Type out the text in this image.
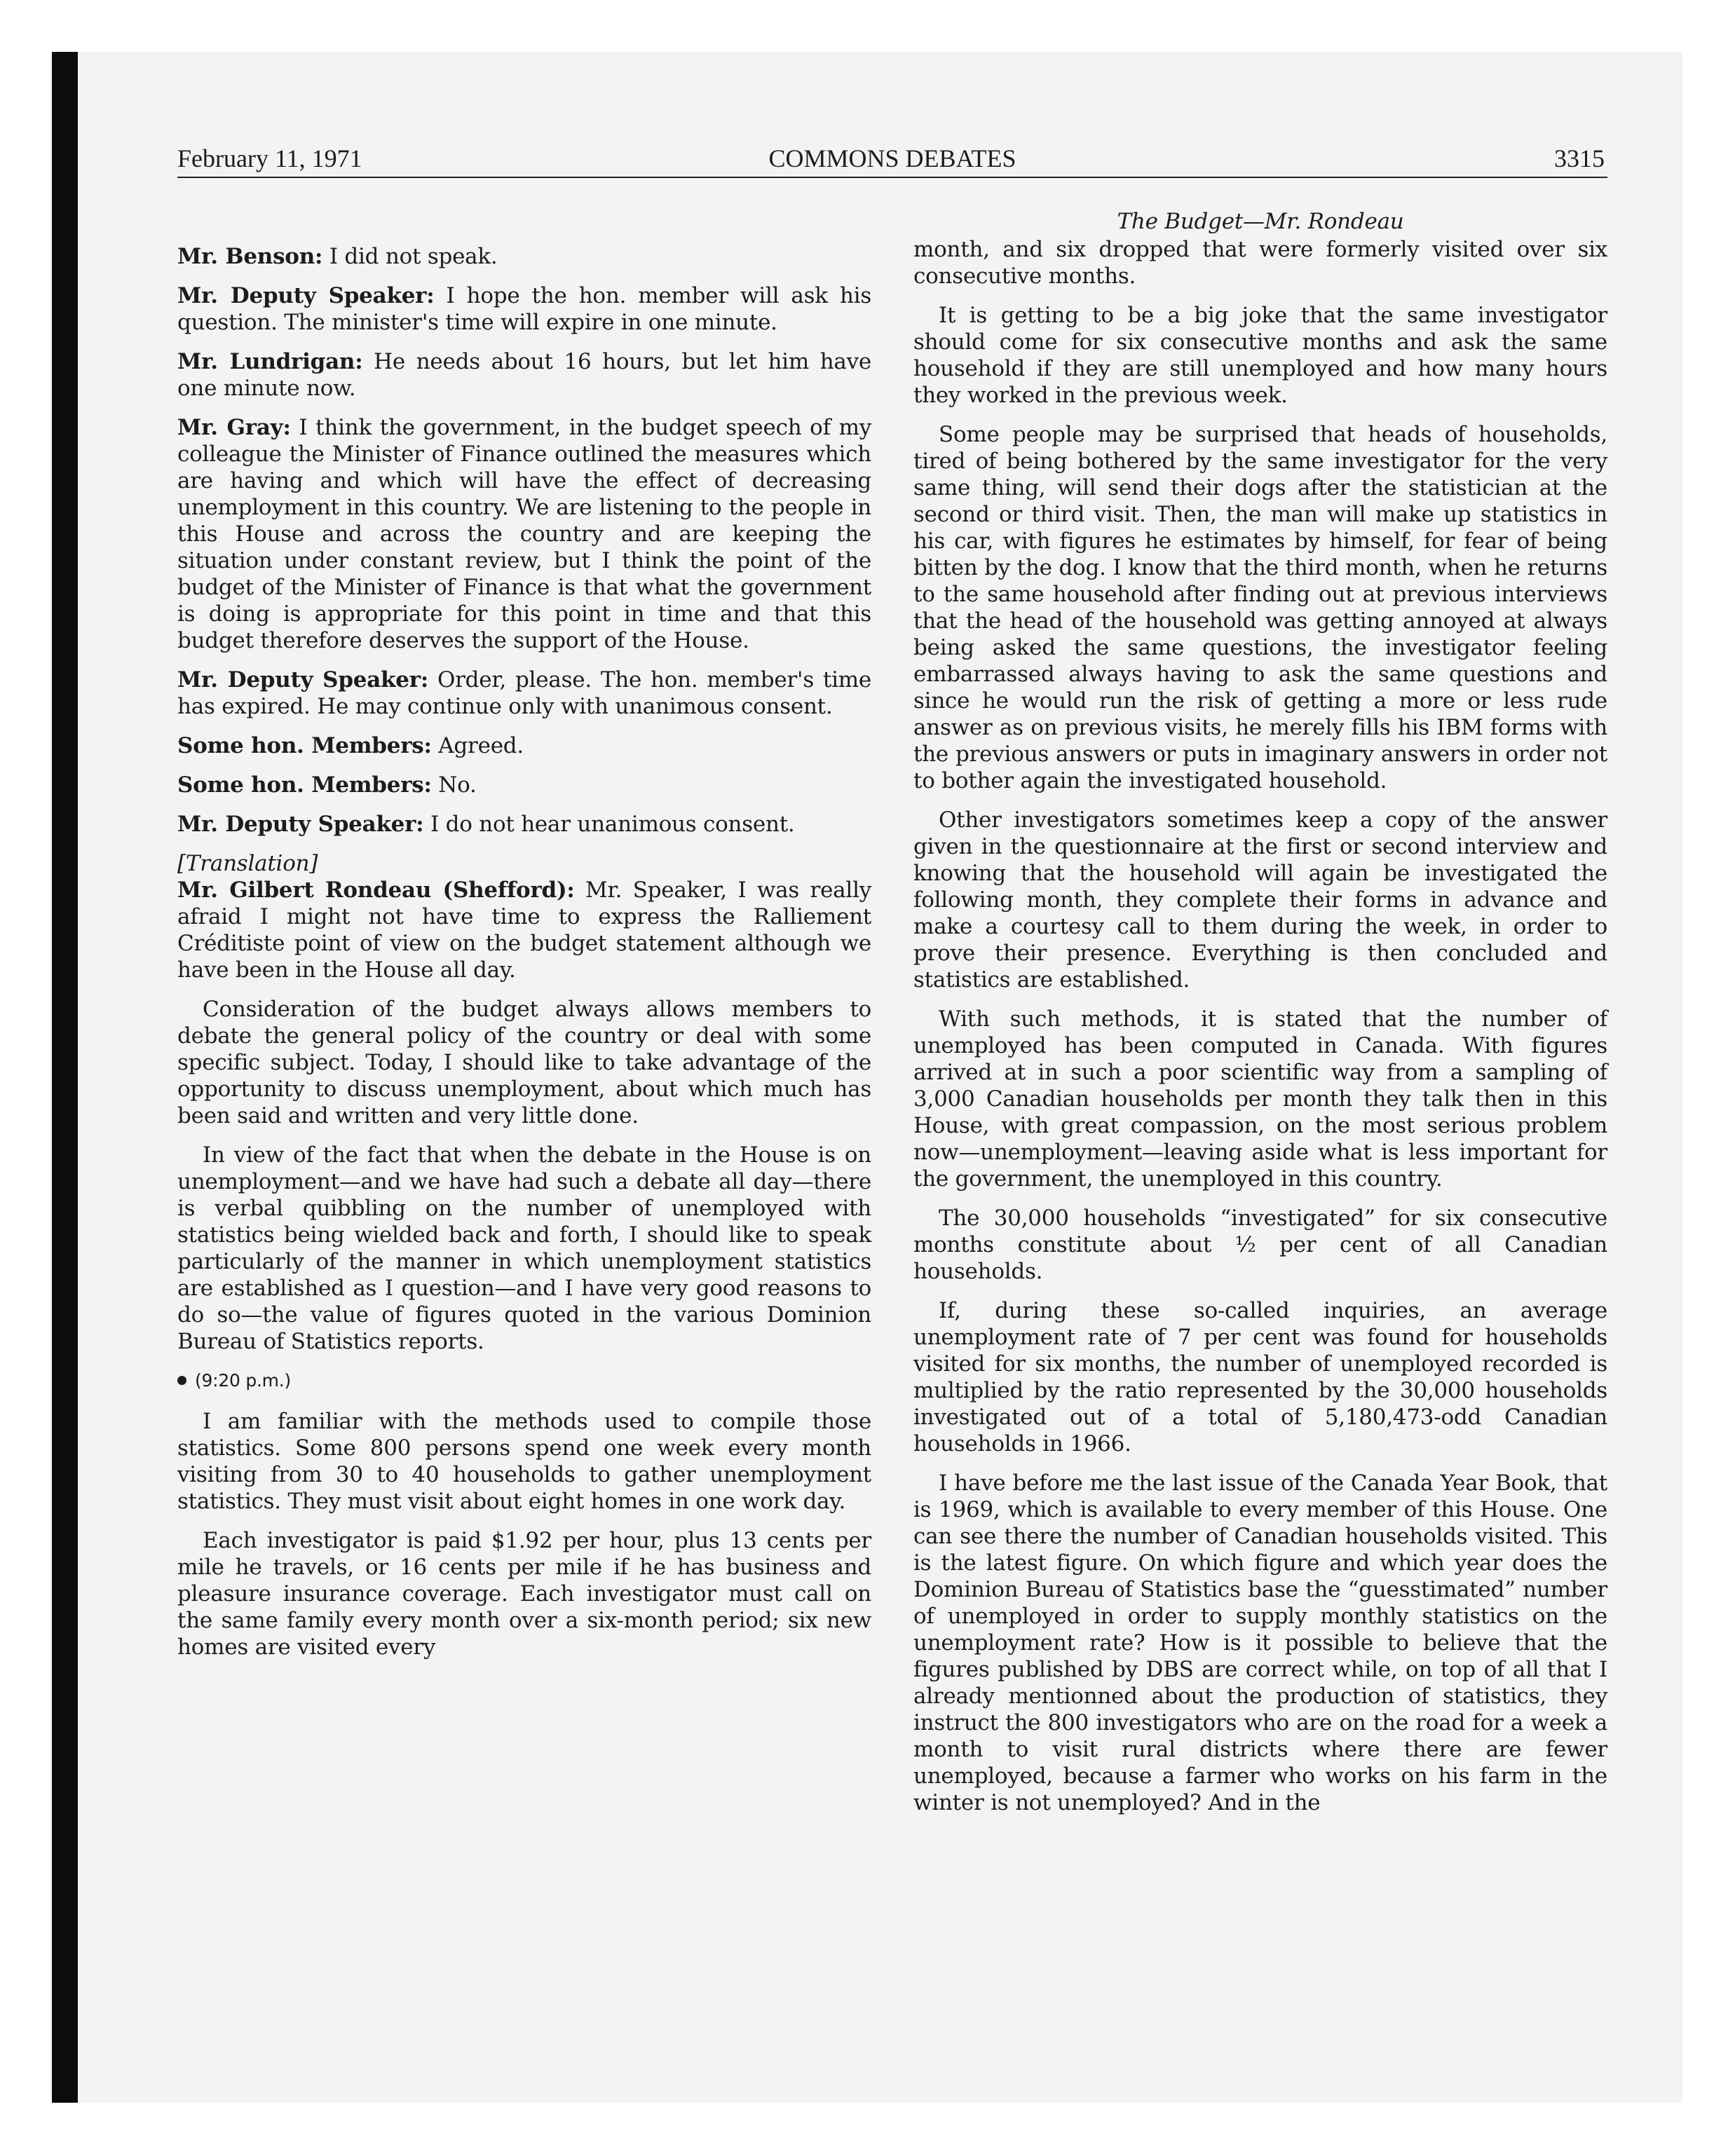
COMMONS DEBATES
February 11, 1971	3315

Mr. Benson: I did not speak.

Mr. Deputy Speaker: I hope the hon. member will ask his question. The minister's time will expire in one minute.

Mr. Lundrigan: He needs about 16 hours, but let him have one minute now.

Mr. Gray: I think the government, in the budget speech of my colleague the Minister of Finance outlined the measures which are having and which will have the effect of decreasing unemployment in this country. We are listening to the people in this House and across the country and are keeping the situation under constant review, but I think the point of the budget of the Minister of Finance is that what the government is doing is appropriate for this point in time and that this budget therefore deserves the support of the House.

Mr. Deputy Speaker: Order, please. The hon. member's time has expired. He may continue only with unanimous consent.

Some hon. Members: Agreed.

Some hon. Members: No.

Mr. Deputy Speaker: I do not hear unanimous consent.

[Translation]

Mr. Gilbert Rondeau (Shefford): Mr. Speaker, I was really afraid I might not have time to express the Ralliement Créditiste point of view on the budget statement although we have been in the House all day.

Consideration of the budget always allows members to debate the general policy of the country or deal with some specific subject. Today, I should like to take advantage of the opportunity to discuss unemployment, about which much has been said and written and very little done.

In view of the fact that when the debate in the House is on unemployment—and we have had such a debate all day—there is verbal quibbling on the number of unemployed with statistics being wielded back and forth, I should like to speak particularly of the manner in which unemployment statistics are established as I question—and I have very good reasons to do so—the value of figures quoted in the various Dominion Bureau of Statistics reports.

(9:20 p.m.)

I am familiar with the methods used to compile those statistics. Some 800 persons spend one week every month visiting from 30 to 40 households to gather unemployment statistics. They must visit about eight homes in one work day.

Each investigator is paid $1.92 per hour, plus 13 cents per mile he travels, or 16 cents per mile if he has business and pleasure insurance coverage. Each investigator must call on the same family every month over a six-month period; six new homes are visited every

The Budget—Mr. Rondeau

month, and six dropped that were formerly visited over six consecutive months.

It is getting to be a big joke that the same investigator should come for six consecutive months and ask the same household if they are still unemployed and how many hours they worked in the previous week.

Some people may be surprised that heads of households, tired of being bothered by the same investigator for the very same thing, will send their dogs after the statistician at the second or third visit. Then, the man will make up statistics in his car, with figures he estimates by himself, for fear of being bitten by the dog. I know that the third month, when he returns to the same household after finding out at previous interviews that the head of the household was getting annoyed at always being asked the same questions, the investigator feeling embarrassed always having to ask the same questions and since he would run the risk of getting a more or less rude answer as on previous visits, he merely fills his IBM forms with the previous answers or puts in imaginary answers in order not to bother again the investigated household.

Other investigators sometimes keep a copy of the answer given in the questionnaire at the first or second interview and knowing that the household will again be investigated the following month, they complete their forms in advance and make a courtesy call to them during the week, in order to prove their presence. Everything is then concluded and statistics are established.

With such methods, it is stated that the number of unemployed has been computed in Canada. With figures arrived at in such a poor scientific way from a sampling of 3,000 Canadian households per month they talk then in this House, with great compassion, on the most serious problem now—unemployment—leaving aside what is less important for the government, the unemployed in this country.

The 30,000 households “investigated” for six consecutive months constitute about ½ per cent of all Canadian households.

If, during these so-called inquiries, an average unemployment rate of 7 per cent was found for households visited for six months, the number of unemployed recorded is multiplied by the ratio represented by the 30,000 households investigated out of a total of 5,180,473-odd Canadian households in 1966.

I have before me the last issue of the Canada Year Book, that is 1969, which is available to every member of this House. One can see there the number of Canadian households visited. This is the latest figure. On which figure and which year does the Dominion Bureau of Statistics base the “guesstimated” number of unemployed in order to supply monthly statistics on the unemployment rate? How is it possible to believe that the figures published by DBS are correct while, on top of all that I already mentionned about the production of statistics, they instruct the 800 investigators who are on the road for a week a month to visit rural districts where there are fewer unemployed, because a farmer who works on his farm in the winter is not unemployed? And in the
